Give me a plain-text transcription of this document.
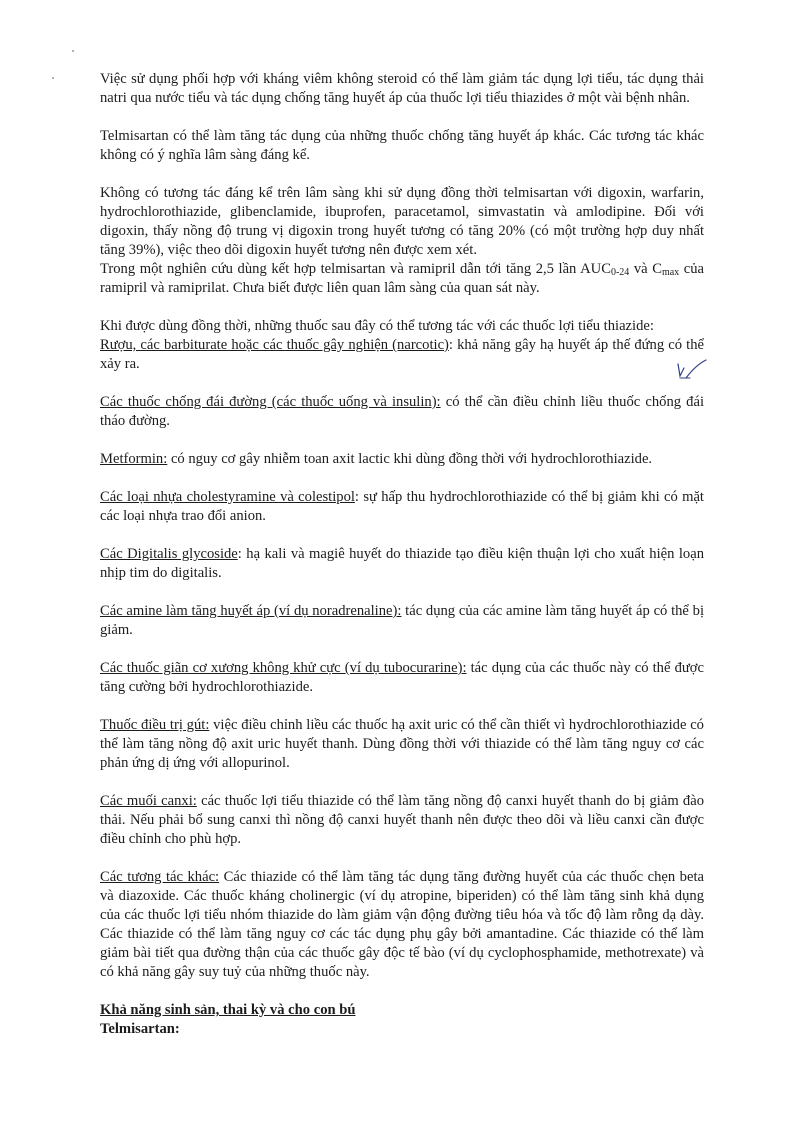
Việc sử dụng phối hợp với kháng viêm không steroid có thể làm giảm tác dụng lợi tiểu, tác dụng thải natri qua nước tiểu và tác dụng chống tăng huyết áp của thuốc lợi tiểu thiazides ở một vài bệnh nhân.

Telmisartan có thể làm tăng tác dụng của những thuốc chống tăng huyết áp khác. Các tương tác khác không có ý nghĩa lâm sàng đáng kể.

Không có tương tác đáng kể trên lâm sàng khi sử dụng đồng thời telmisartan với digoxin, warfarin, hydrochlorothiazide, glibenclamide, ibuprofen, paracetamol, simvastatin và amlodipine. Đối với digoxin, thấy nồng độ trung vị digoxin trong huyết tương có tăng 20% (có một trường hợp duy nhất tăng 39%), việc theo dõi digoxin huyết tương nên được xem xét.

Trong một nghiên cứu dùng kết hợp telmisartan và ramipril dẫn tới tăng 2,5 lần $AUC_{0-24}$ và $C_{max}$ của ramipril và ramiprilat. Chưa biết được liên quan lâm sàng của quan sát này.

Khi được dùng đồng thời, những thuốc sau đây có thể tương tác với các thuốc lợi tiểu thiazide:

Rượu, các barbiturate hoặc các thuốc gây nghiện (narcotic): khả năng gây hạ huyết áp thế đứng có thể xảy ra.

Các thuốc chống đái đường (các thuốc uống và insulin): có thể cần điều chỉnh liều thuốc chống đái tháo đường.

Metformin: có nguy cơ gây nhiễm toan axit lactic khi dùng đồng thời với hydrochlorothiazide.

Các loại nhựa cholestyramine và colestipol: sự hấp thu hydrochlorothiazide có thể bị giảm khi có mặt các loại nhựa trao đổi anion.

Các Digitalis glycoside: hạ kali và magiê huyết do thiazide tạo điều kiện thuận lợi cho xuất hiện loạn nhịp tim do digitalis.

Các amine làm tăng huyết áp (ví dụ noradrenaline): tác dụng của các amine làm tăng huyết áp có thể bị giảm.

Các thuốc giãn cơ xương không khử cực (ví dụ tubocurarine): tác dụng của các thuốc này có thể được tăng cường bởi hydrochlorothiazide.

Thuốc điều trị gút: việc điều chỉnh liều các thuốc hạ axit uric có thể cần thiết vì hydrochlorothiazide có thể làm tăng nồng độ axit uric huyết thanh. Dùng đồng thời với thiazide có thể làm tăng nguy cơ các phản ứng dị ứng với allopurinol.

Các muối canxi: các thuốc lợi tiểu thiazide có thể làm tăng nồng độ canxi huyết thanh do bị giảm đào thải. Nếu phải bổ sung canxi thì nồng độ canxi huyết thanh nên được theo dõi và liều canxi cần được điều chỉnh cho phù hợp.

Các tương tác khác: Các thiazide có thể làm tăng tác dụng tăng đường huyết của các thuốc chẹn beta và diazoxide. Các thuốc kháng cholinergic (ví dụ atropine, biperiden) có thể làm tăng sinh khả dụng của các thuốc lợi tiểu nhóm thiazide do làm giảm vận động đường tiêu hóa và tốc độ làm rỗng dạ dày. Các thiazide có thể làm tăng nguy cơ các tác dụng phụ gây bởi amantadine. Các thiazide có thể làm giảm bài tiết qua đường thận của các thuốc gây độc tế bào (ví dụ cyclophosphamide, methotrexate) và có khả năng gây suy tuỷ của những thuốc này.

Khả năng sinh sản, thai kỳ và cho con bú

Telmisartan:
